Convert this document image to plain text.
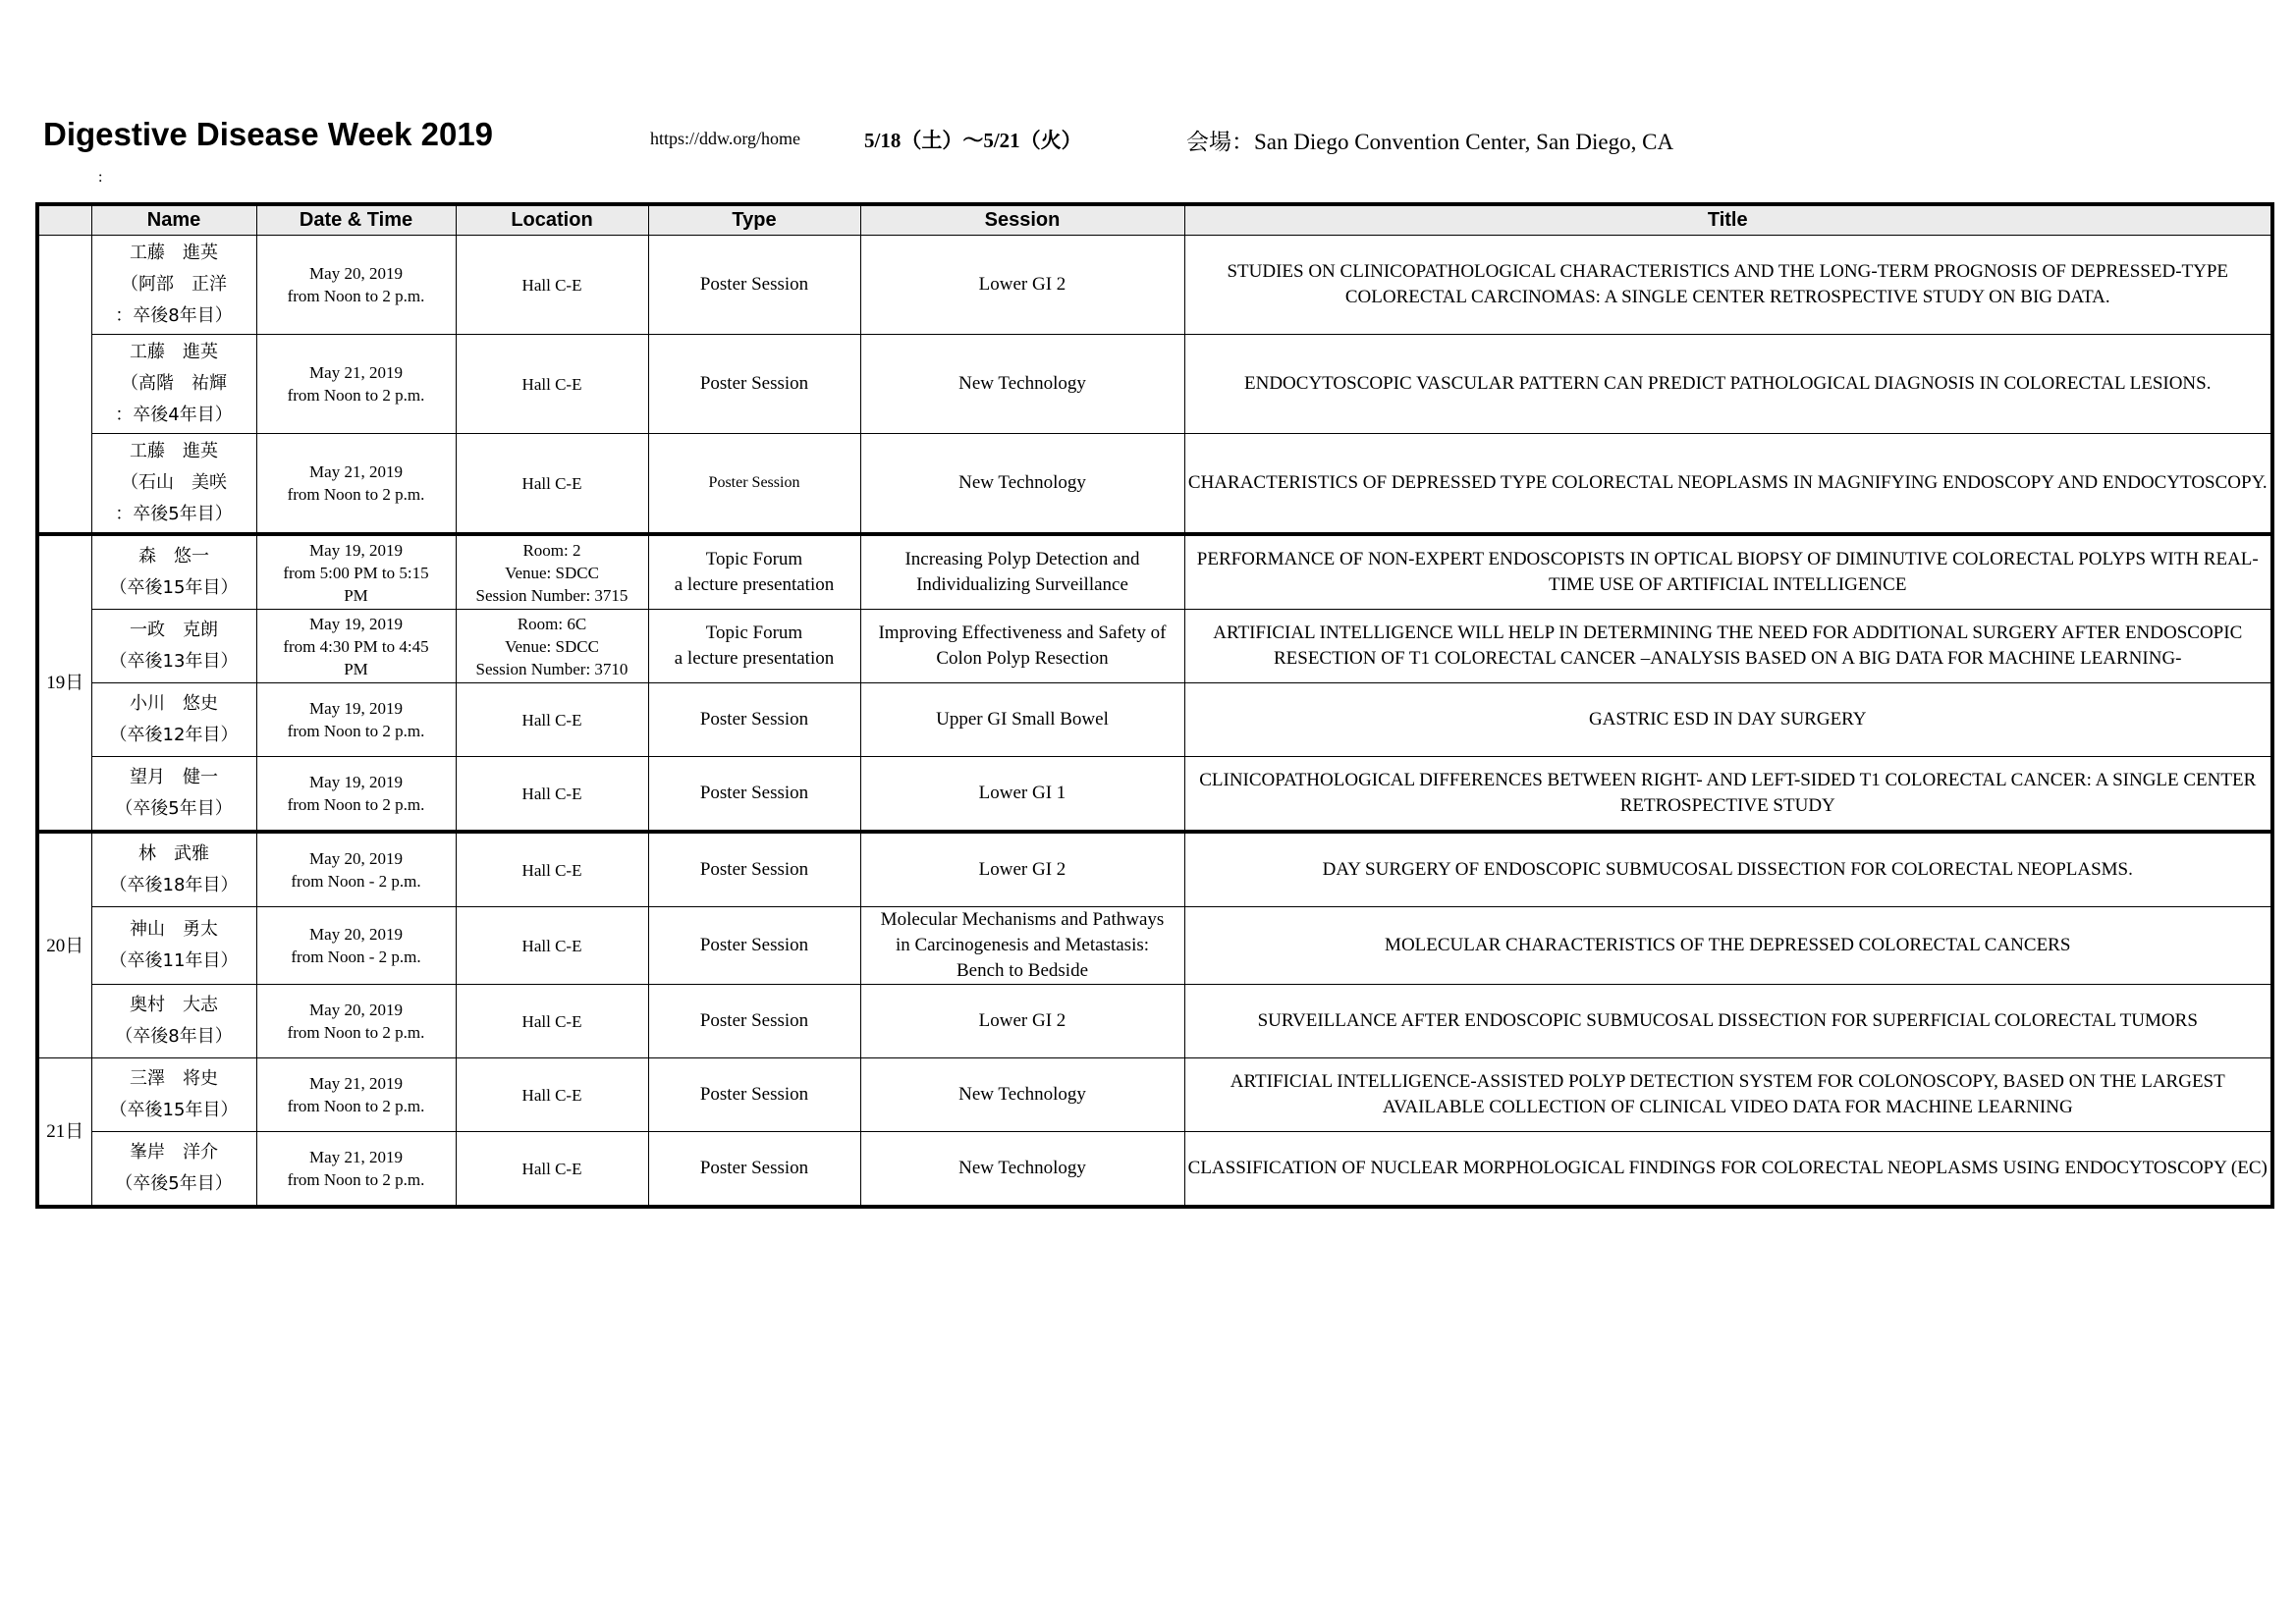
Digestive Disease Week 2019	https://ddw.org/home	5/18（土）～5/21（火）	会場：San Diego Convention Center, San Diego, CA
:
	Name	Date & Time	Location	Type	Session	Title

	工藤　進英
（阿部　正洋
：卒後8年目）	May 20, 2019
from Noon to 2 p.m.	Hall C-E	Poster Session	Lower GI 2	STUDIES ON CLINICOPATHOLOGICAL CHARACTERISTICS AND THE LONG-TERM PROGNOSIS OF DEPRESSED-TYPE COLORECTAL CARCINOMAS: A SINGLE CENTER RETROSPECTIVE STUDY ON BIG DATA.

	工藤　進英
（高階　祐輝
：卒後4年目）	May 21, 2019
from Noon to 2 p.m.	Hall C-E	Poster Session	New Technology	ENDOCYTOSCOPIC VASCULAR PATTERN CAN PREDICT PATHOLOGICAL DIAGNOSIS IN COLORECTAL LESIONS.

	工藤　進英
（石山　美咲
：卒後5年目）	May 21, 2019
from Noon to 2 p.m.	Hall C-E	Poster Session	New Technology	CHARACTERISTICS OF DEPRESSED TYPE COLORECTAL NEOPLASMS IN MAGNIFYING ENDOSCOPY AND ENDOCYTOSCOPY.
19日	森　悠一
（卒後15年目）	May 19, 2019
from 5:00 PM to 5:15
PM	Room: 2
Venue: SDCC
Session Number: 3715	Topic Forum
a lecture presentation	Increasing Polyp Detection and
Individualizing Surveillance	PERFORMANCE OF NON-EXPERT ENDOSCOPISTS IN OPTICAL BIOPSY OF DIMINUTIVE COLORECTAL POLYPS WITH REAL-TIME USE OF ARTIFICIAL INTELLIGENCE

	一政　克朗
（卒後13年目）	May 19, 2019
from 4:30 PM to 4:45
PM	Room: 6C
Venue: SDCC
Session Number: 3710	Topic Forum
a lecture presentation	Improving Effectiveness and Safety of
Colon Polyp Resection	ARTIFICIAL INTELLIGENCE WILL HELP IN DETERMINING THE NEED FOR ADDITIONAL SURGERY AFTER ENDOSCOPIC RESECTION OF T1 COLORECTAL CANCER –ANALYSIS BASED ON A BIG DATA FOR MACHINE LEARNING-

	小川　悠史
（卒後12年目）	May 19, 2019
from Noon to 2 p.m.	Hall C-E	Poster Session	Upper GI Small Bowel	GASTRIC ESD IN DAY SURGERY

	望月　健一
（卒後5年目）	May 19, 2019
from Noon to 2 p.m.	Hall C-E	Poster Session	Lower GI 1	CLINICOPATHOLOGICAL DIFFERENCES BETWEEN RIGHT- AND LEFT-SIDED T1 COLORECTAL CANCER: A SINGLE CENTER RETROSPECTIVE STUDY
20日	林　武雅
（卒後18年目）	May 20, 2019
from Noon - 2 p.m.	Hall C-E	Poster Session	Lower GI 2	DAY SURGERY OF ENDOSCOPIC SUBMUCOSAL DISSECTION FOR COLORECTAL NEOPLASMS.

	神山　勇太
（卒後11年目）	May 20, 2019
from Noon - 2 p.m.	Hall C-E	Poster Session	Molecular Mechanisms and Pathways
in Carcinogenesis and Metastasis:
Bench to Bedside	MOLECULAR CHARACTERISTICS OF THE DEPRESSED COLORECTAL CANCERS

	奥村　大志
（卒後8年目）	May 20, 2019
from Noon to 2 p.m.	Hall C-E	Poster Session	Lower GI 2	SURVEILLANCE AFTER ENDOSCOPIC SUBMUCOSAL DISSECTION FOR SUPERFICIAL COLORECTAL TUMORS
21日	三澤　将史
（卒後15年目）	May 21, 2019
from Noon to 2 p.m.	Hall C-E	Poster Session	New Technology	ARTIFICIAL INTELLIGENCE-ASSISTED POLYP DETECTION SYSTEM FOR COLONOSCOPY, BASED ON THE LARGEST AVAILABLE COLLECTION OF CLINICAL VIDEO DATA FOR MACHINE LEARNING

	峯岸　洋介
（卒後5年目）	May 21, 2019
from Noon to 2 p.m.	Hall C-E	Poster Session	New Technology	CLASSIFICATION OF NUCLEAR MORPHOLOGICAL FINDINGS FOR COLORECTAL NEOPLASMS USING ENDOCYTOSCOPY (EC)
